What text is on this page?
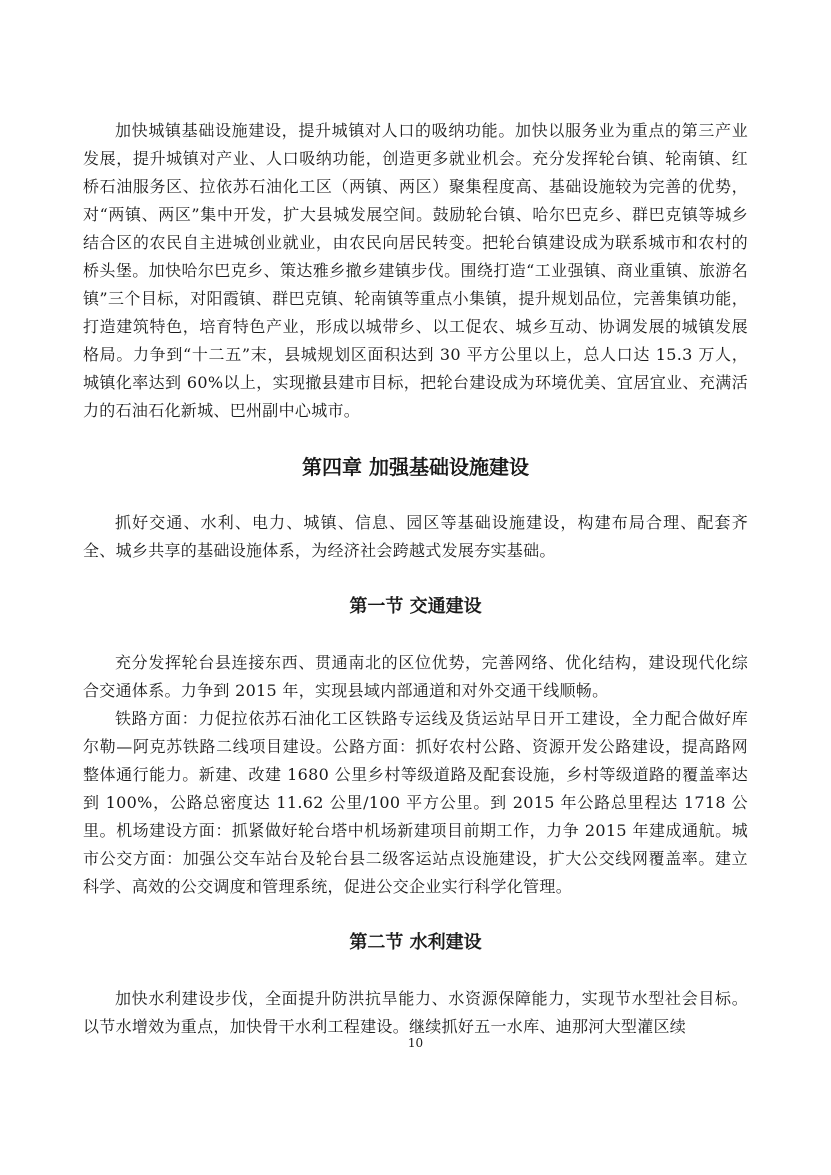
加快城镇基础设施建设，提升城镇对人口的吸纳功能。加快以服务业为重点的第三产业发展，提升城镇对产业、人口吸纳功能，创造更多就业机会。充分发挥轮台镇、轮南镇、红桥石油服务区、拉依苏石油化工区（两镇、两区）聚集程度高、基础设施较为完善的优势，对“两镇、两区”集中开发，扩大县城发展空间。鼓励轮台镇、哈尔巴克乡、群巴克镇等城乡结合区的农民自主进城创业就业，由农民向居民转变。把轮台镇建设成为联系城市和农村的桥头堡。加快哈尔巴克乡、策达雅乡撤乡建镇步伐。围绕打造“工业强镇、商业重镇、旅游名镇”三个目标，对阳霞镇、群巴克镇、轮南镇等重点小集镇，提升规划品位，完善集镇功能，打造建筑特色，培育特色产业，形成以城带乡、以工促农、城乡互动、协调发展的城镇发展格局。力争到“十二五”末，县城规划区面积达到 30 平方公里以上，总人口达 15.3 万人，城镇化率达到 60%以上，实现撤县建市目标，把轮台建设成为环境优美、宜居宜业、充满活力的石油石化新城、巴州副中心城市。

第四章 加强基础设施建设

抓好交通、水利、电力、城镇、信息、园区等基础设施建设，构建布局合理、配套齐全、城乡共享的基础设施体系，为经济社会跨越式发展夯实基础。

第一节 交通建设

充分发挥轮台县连接东西、贯通南北的区位优势，完善网络、优化结构，建设现代化综合交通体系。力争到 2015 年，实现县域内部通道和对外交通干线顺畅。

铁路方面：力促拉依苏石油化工区铁路专运线及货运站早日开工建设，全力配合做好库尔勒—阿克苏铁路二线项目建设。公路方面：抓好农村公路、资源开发公路建设，提高路网整体通行能力。新建、改建 1680 公里乡村等级道路及配套设施，乡村等级道路的覆盖率达到 100%，公路总密度达 11.62 公里/100 平方公里。到 2015 年公路总里程达 1718 公里。机场建设方面：抓紧做好轮台塔中机场新建项目前期工作，力争 2015 年建成通航。城市公交方面：加强公交车站台及轮台县二级客运站点设施建设，扩大公交线网覆盖率。建立科学、高效的公交调度和管理系统，促进公交企业实行科学化管理。

第二节 水利建设

加快水利建设步伐，全面提升防洪抗旱能力、水资源保障能力，实现节水型社会目标。以节水增效为重点，加快骨干水利工程建设。继续抓好五一水库、迪那河大型灌区续

10
